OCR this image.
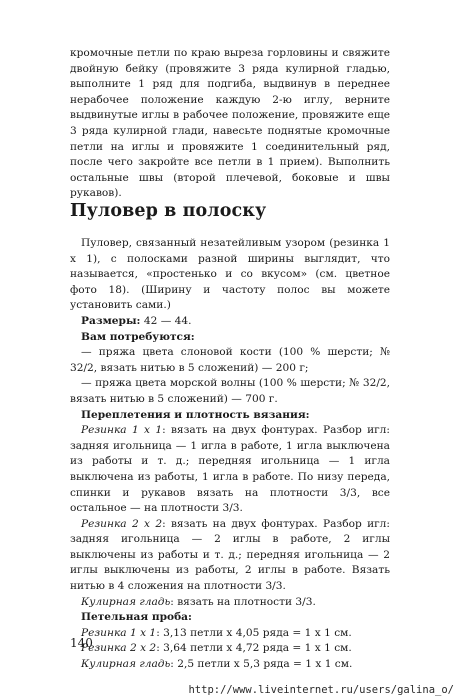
кромочные петли по краю выреза горловины и свяжите двойную бейку (провяжите 3 ряда кулирной гладью, выполните 1 ряд для подгиба, выдвинув в переднее нерабочее положение каждую 2-ю иглу, верните выдвинутые иглы в рабочее положение, провяжите еще 3 ряда кулирной глади, навесьте поднятые кромочные петли на иглы и провяжите 1 соединительный ряд, после чего закройте все петли в 1 прием). Выполнить остальные швы (второй плечевой, боковые и швы рукавов).

Пуловер в полоску
Пуловер, связанный незатейливым узором (резинка 1 х 1), с полосками разной ширины выглядит, что называется, «простенько и со вкусом» (см. цветное фото 18). (Ширину и частоту полос вы можете установить сами.)
Размеры: 42 — 44.
Вам потребуются:
— пряжа цвета слоновой кости (100 % шерсти; № 32/2, вязать нитью в 5 сложений) — 200 г;
— пряжа цвета морской волны (100 % шерсти; № 32/2, вязать нитью в 5 сложений) — 700 г.
Переплетения и плотность вязания:
Резинка 1 х 1: вязать на двух фонтурах. Разбор игл: задняя игольница — 1 игла в работе, 1 игла выключена из работы и т. д.; передняя игольница — 1 игла выключена из работы, 1 игла в работе. По низу переда, спинки и рукавов вязать на плотности 3/3, все остальное — на плотности 3/3.
Резинка 2 х 2: вязать на двух фонтурах. Разбор игл: задняя игольница — 2 иглы в работе, 2 иглы выключены из работы и т. д.; передняя игольница — 2 иглы выключены из работы, 2 иглы в работе. Вязать нитью в 4 сложения на плотности 3/3.
Кулирная гладь: вязать на плотности 3/3.
Петельная проба:
Резинка 1 х 1: 3,13 петли х 4,05 ряда = 1 х 1 см.
Резинка 2 х 2: 3,64 петли х 4,72 ряда = 1 х 1 см.
Кулирная гладь: 2,5 петли х 5,3 ряда = 1 х 1 см.

140

http://www.liveinternet.ru/users/galina_o/
